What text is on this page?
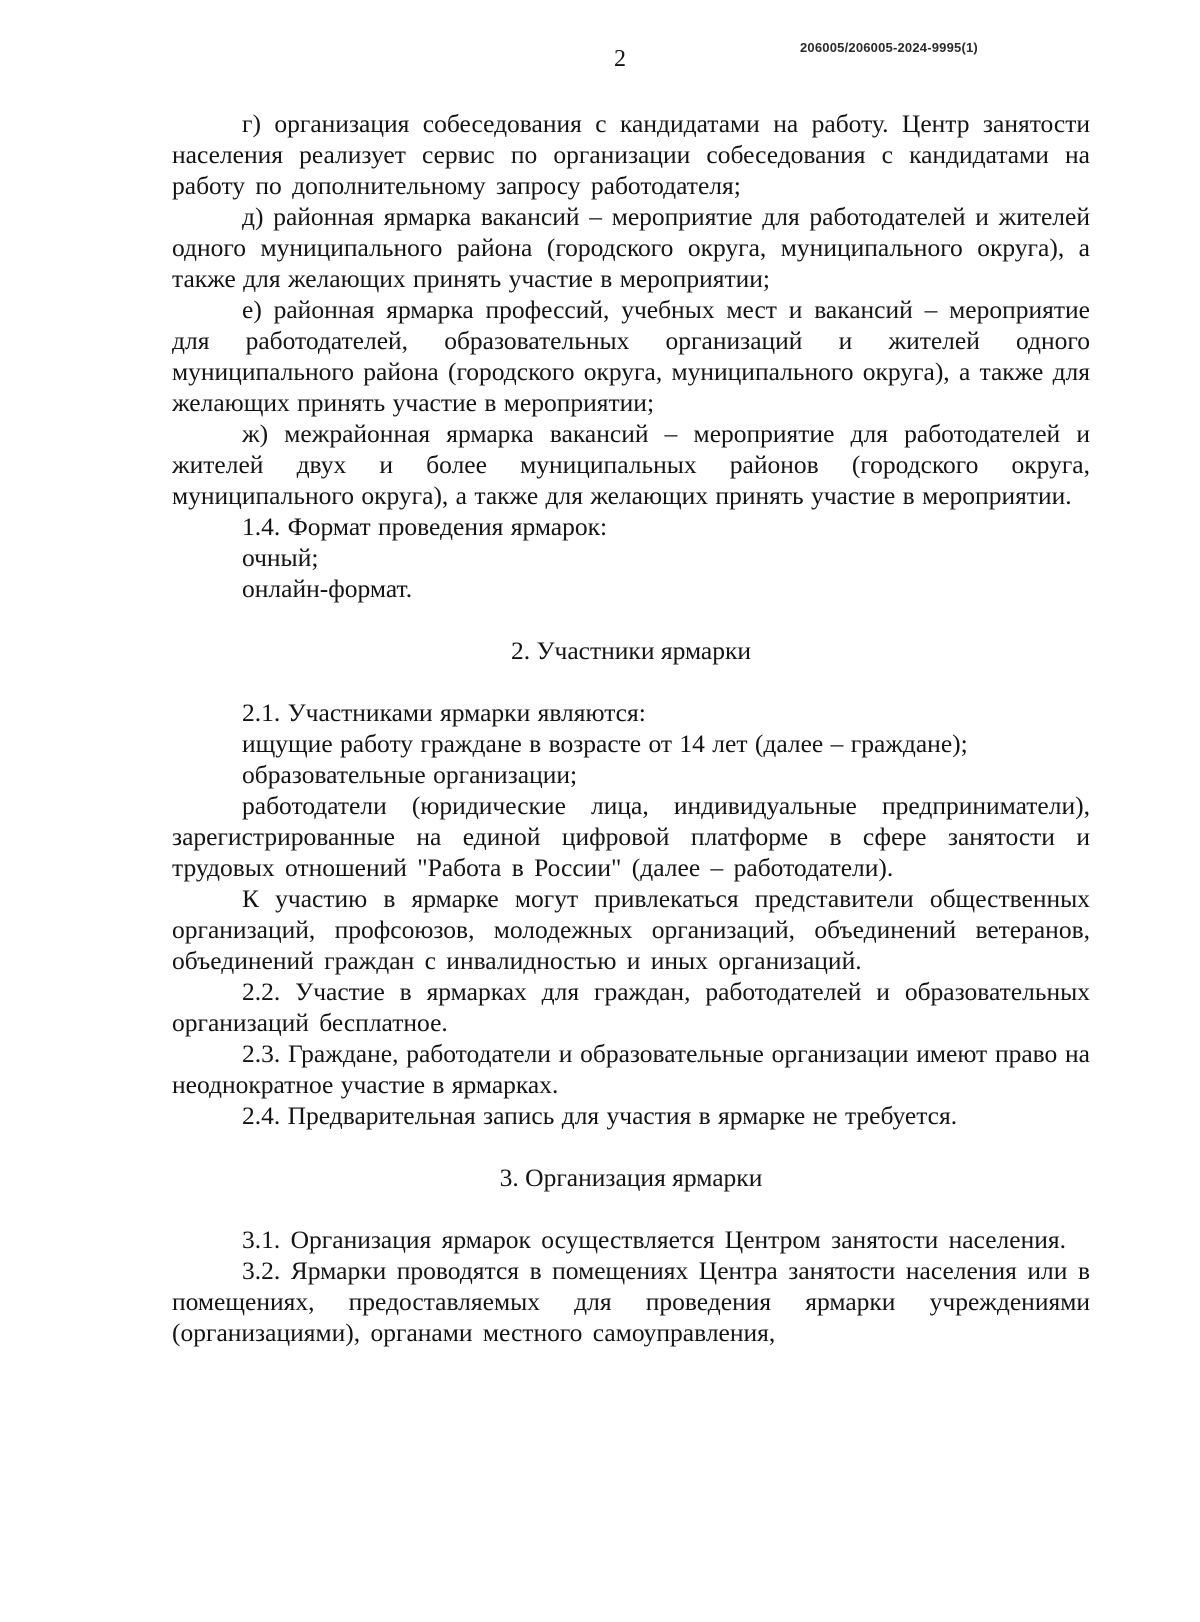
206005/206005-2024-9995(1)
2

г) организация собеседования с кандидатами на работу. Центр занятости населения реализует сервис по организации собеседования с кандидатами на работу по дополнительному запросу работодателя;

д) районная ярмарка вакансий – мероприятие для работодателей и жителей одного муниципального района (городского округа, муниципального округа), а также для желающих принять участие в мероприятии;

е) районная ярмарка профессий, учебных мест и вакансий – мероприятие для работодателей, образовательных организаций и жителей одного муниципального района (городского округа, муниципального округа), а также для желающих принять участие в мероприятии;

ж) межрайонная ярмарка вакансий – мероприятие для работодателей и жителей двух и более муниципальных районов (городского округа, муниципального округа), а также для желающих принять участие в мероприятии.

1.4. Формат проведения ярмарок:

очный;

онлайн-формат.

2. Участники ярмарки

2.1. Участниками ярмарки являются:

ищущие работу граждане в возрасте от 14 лет (далее – граждане);

образовательные организации;

работодатели (юридические лица, индивидуальные предприниматели), зарегистрированные на единой цифровой платформе в сфере занятости и трудовых отношений "Работа в России" (далее – работодатели).

К участию в ярмарке могут привлекаться представители общественных организаций, профсоюзов, молодежных организаций, объединений ветеранов, объединений граждан с инвалидностью и иных организаций.

2.2. Участие в ярмарках для граждан, работодателей и образовательных организаций бесплатное.

2.3. Граждане, работодатели и образовательные организации имеют право на неоднократное участие в ярмарках.

2.4. Предварительная запись для участия в ярмарке не требуется.

3. Организация ярмарки

3.1. Организация ярмарок осуществляется Центром занятости населения.

3.2. Ярмарки проводятся в помещениях Центра занятости населения или в помещениях, предоставляемых для проведения ярмарки учреждениями (организациями), органами местного самоуправления,
